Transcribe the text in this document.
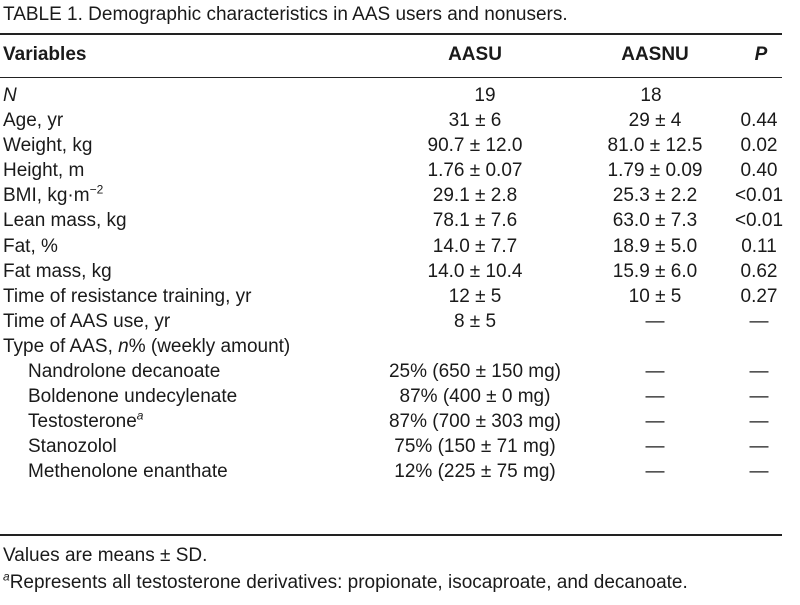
TABLE 1. Demographic characteristics in AAS users and nonusers.
Variables	AASU	AASNU	P
N	19	18
Age, yr	31 ± 6	29 ± 4	0.44
Weight, kg	90.7 ± 12.0	81.0 ± 12.5	0.02
Height, m	1.76 ± 0.07	1.79 ± 0.09	0.40
BMI, $kg\cdot m^{-2}$	29.1 ± 2.8	25.3 ± 2.2	<0.01
Lean mass, kg	78.1 ± 7.6	63.0 ± 7.3	<0.01
Fat, %	14.0 ± 7.7	18.9 ± 5.0	0.11
Fat mass, kg	14.0 ± 10.4	15.9 ± 6.0	0.62
Time of resistance training, yr	12 ± 5	10 ± 5	0.27
Time of AAS use, yr	8 ± 5	—	—
Type of AAS, n% (weekly amount)
Nandrolone decanoate	25% (650 ± 150 mg)	—	—
Boldenone undecylenate	87% (400 ± 0 mg)	—	—
Testosterone$^a$	87% (700 ± 303 mg)	—	—
Stanozolol	75% (150 ± 71 mg)	—	—
Methenolone enanthate	12% (225 ± 75 mg)	—	—
Values are means ± SD.
$^a$Represents all testosterone derivatives: propionate, isocaproate, and decanoate.
